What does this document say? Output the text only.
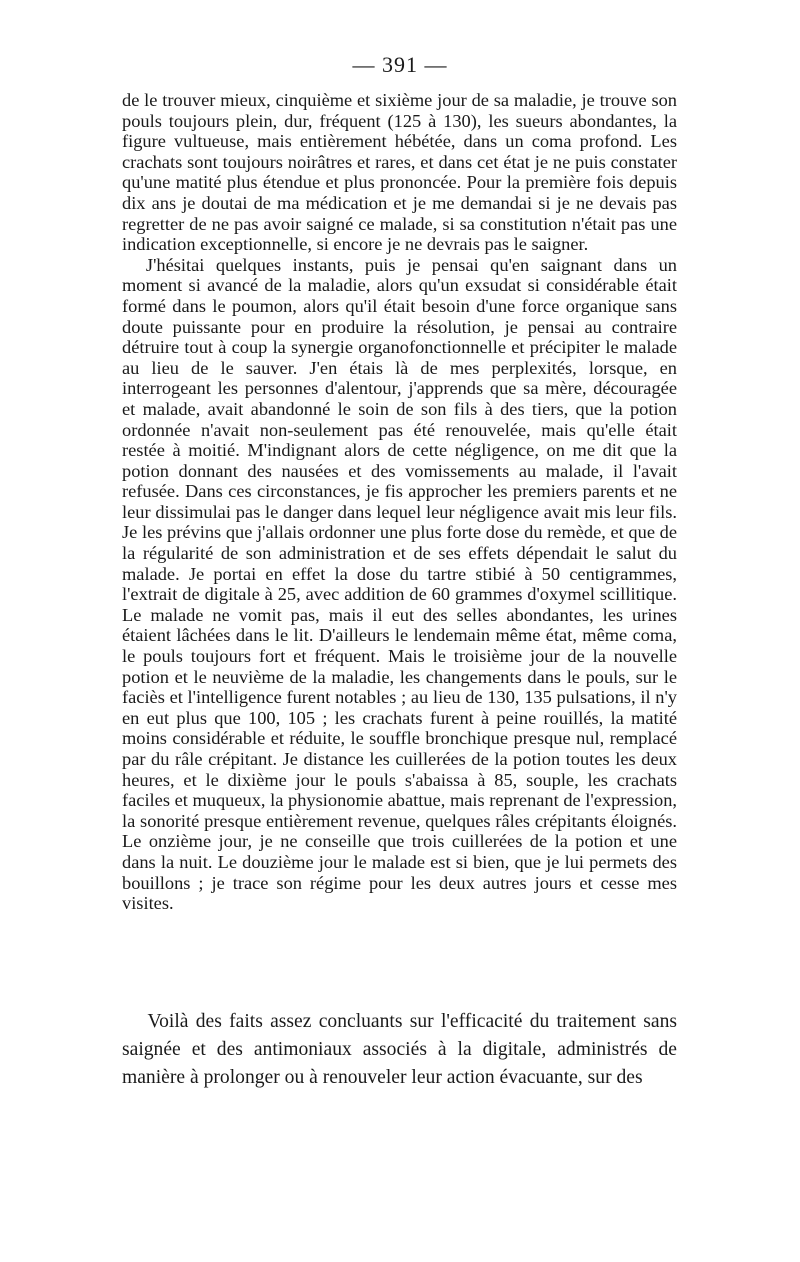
— 391 —

de le trouver mieux, cinquième et sixième jour de sa maladie, je trouve son pouls toujours plein, dur, fréquent (125 à 130), les sueurs abondantes, la figure vultueuse, mais entièrement hébétée, dans un coma profond. Les crachats sont toujours noirâtres et rares, et dans cet état je ne puis constater qu'une matité plus étendue et plus prononcée. Pour la première fois depuis dix ans je doutai de ma médication et je me demandai si je ne devais pas regretter de ne pas avoir saigné ce malade, si sa constitution n'était pas une indication exceptionnelle, si encore je ne devrais pas le saigner.

J'hésitai quelques instants, puis je pensai qu'en saignant dans un moment si avancé de la maladie, alors qu'un exsudat si considérable était formé dans le poumon, alors qu'il était besoin d'une force organique sans doute puissante pour en produire la résolution, je pensai au contraire détruire tout à coup la synergie organofonctionnelle et précipiter le malade au lieu de le sauver. J'en étais là de mes perplexités, lorsque, en interrogeant les personnes d'alentour, j'apprends que sa mère, découragée et malade, avait abandonné le soin de son fils à des tiers, que la potion ordonnée n'avait non-seulement pas été renouvelée, mais qu'elle était restée à moitié. M'indignant alors de cette négligence, on me dit que la potion donnant des nausées et des vomissements au malade, il l'avait refusée. Dans ces circonstances, je fis approcher les premiers parents et ne leur dissimulai pas le danger dans lequel leur négligence avait mis leur fils. Je les prévins que j'allais ordonner une plus forte dose du remède, et que de la régularité de son administration et de ses effets dépendait le salut du malade. Je portai en effet la dose du tartre stibié à 50 centigrammes, l'extrait de digitale à 25, avec addition de 60 grammes d'oxymel scillitique. Le malade ne vomit pas, mais il eut des selles abondantes, les urines étaient lâchées dans le lit. D'ailleurs le lendemain même état, même coma, le pouls toujours fort et fréquent. Mais le troisième jour de la nouvelle potion et le neuvième de la maladie, les changements dans le pouls, sur le faciès et l'intelligence furent notables ; au lieu de 130, 135 pulsations, il n'y en eut plus que 100, 105 ; les crachats furent à peine rouillés, la matité moins considérable et réduite, le souffle bronchique presque nul, remplacé par du râle crépitant. Je distance les cuillerées de la potion toutes les deux heures, et le dixième jour le pouls s'abaissa à 85, souple, les crachats faciles et muqueux, la physionomie abattue, mais reprenant de l'expression, la sonorité presque entièrement revenue, quelques râles crépitants éloignés. Le onzième jour, je ne conseille que trois cuillerées de la potion et une dans la nuit. Le douzième jour le malade est si bien, que je lui permets des bouillons ; je trace son régime pour les deux autres jours et cesse mes visites.

Voilà des faits assez concluants sur l'efficacité du traitement sans saignée et des antimoniaux associés à la digitale, administrés de manière à prolonger ou à renouveler leur action évacuante, sur des
